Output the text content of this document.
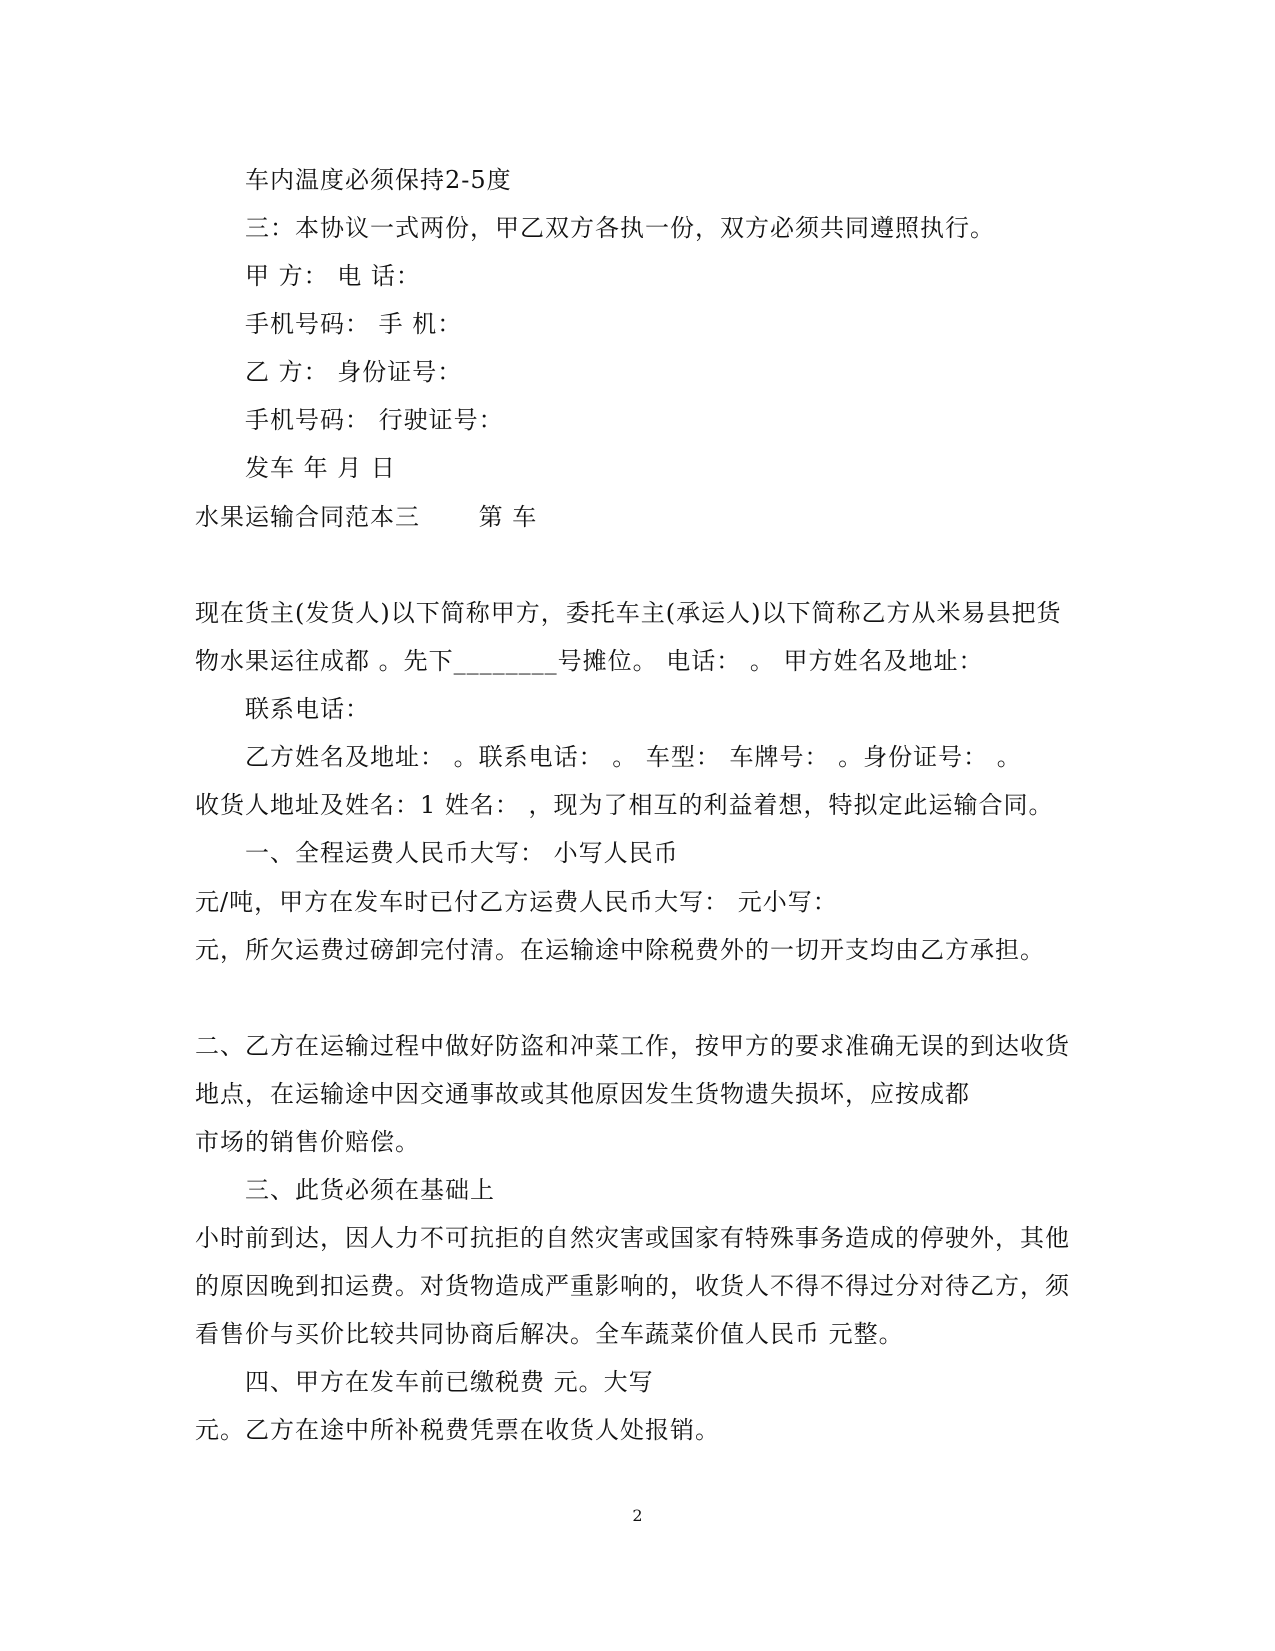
车内温度必须保持2-5度
三：本协议一式两份，甲乙双方各执一份，双方必须共同遵照执行。
甲 方： 电 话：
手机号码： 手 机：
乙 方： 身份证号：
手机号码： 行驶证号：
发车 年 月 日
水果运输合同范本三　　 第 车
现在货主(发货人)以下简称甲方，委托车主(承运人)以下简称乙方从米易县把货
物水果运往成都 。先下________号摊位。 电话： 。 甲方姓名及地址：
联系电话：
乙方姓名及地址： 。联系电话： 。 车型： 车牌号： 。身份证号： 。
收货人地址及姓名：1 姓名： ，现为了相互的利益着想，特拟定此运输合同。
一、全程运费人民币大写： 小写人民币
元/吨，甲方在发车时已付乙方运费人民币大写： 元小写：
元，所欠运费过磅卸完付清。在运输途中除税费外的一切开支均由乙方承担。
二、乙方在运输过程中做好防盗和冲菜工作，按甲方的要求准确无误的到达收货
地点，在运输途中因交通事故或其他原因发生货物遗失损坏，应按成都
市场的销售价赔偿。
三、此货必须在基础上
小时前到达，因人力不可抗拒的自然灾害或国家有特殊事务造成的停驶外，其他
的原因晚到扣运费。对货物造成严重影响的，收货人不得不得过分对待乙方，须
看售价与买价比较共同协商后解决。全车蔬菜价值人民币 元整。
四、甲方在发车前已缴税费 元。大写
元。乙方在途中所补税费凭票在收货人处报销。
2
